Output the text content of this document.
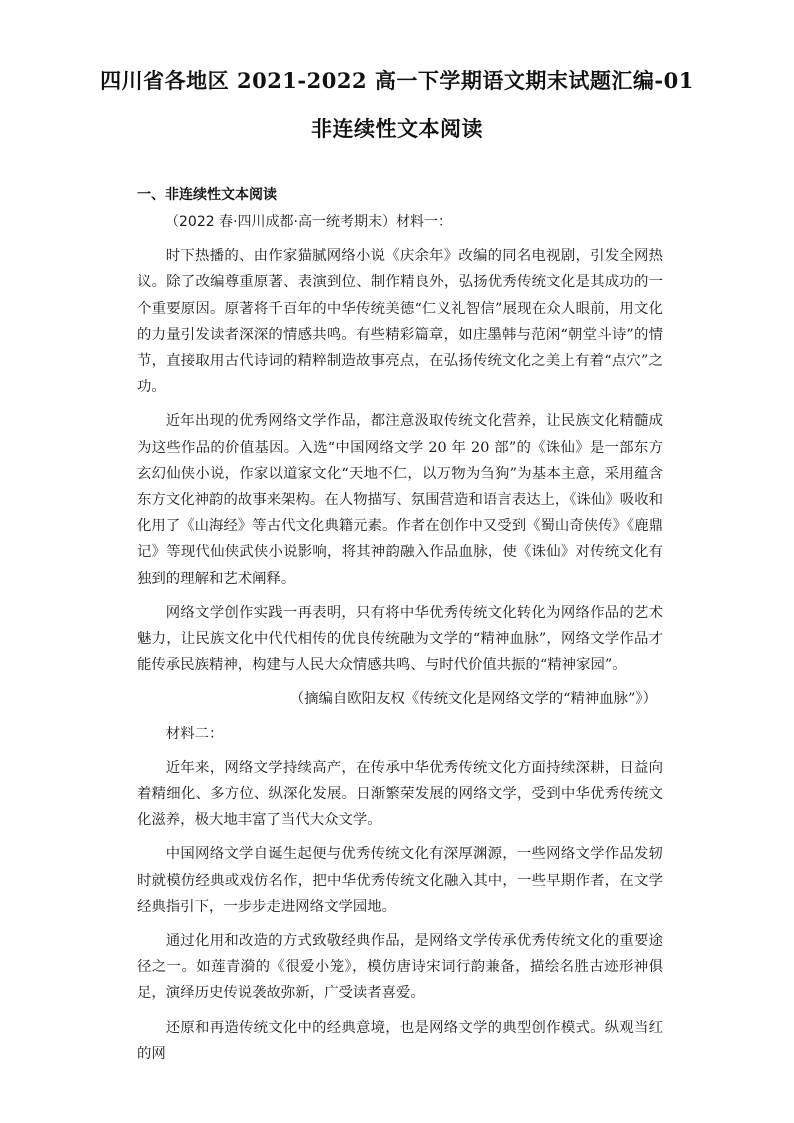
四川省各地区 2021-2022 高一下学期语文期末试题汇编-01
非连续性文本阅读
一、非连续性文本阅读

（2022 春·四川成都·高一统考期末）材料一：

时下热播的、由作家猫腻网络小说《庆余年》改编的同名电视剧，引发全网热议。除了改编尊重原著、表演到位、制作精良外，弘扬优秀传统文化是其成功的一个重要原因。原著将千百年的中华传统美德“仁义礼智信”展现在众人眼前，用文化的力量引发读者深深的情感共鸣。有些精彩篇章，如庄墨韩与范闲“朝堂斗诗”的情节，直接取用古代诗词的精粹制造故事亮点，在弘扬传统文化之美上有着“点穴”之功。

近年出现的优秀网络文学作品，都注意汲取传统文化营养，让民族文化精髓成为这些作品的价值基因。入选“中国网络文学 20 年 20 部”的《诛仙》是一部东方玄幻仙侠小说，作家以道家文化“天地不仁，以万物为刍狗”为基本主意，采用蕴含东方文化神韵的故事来架构。在人物描写、氛围营造和语言表达上，《诛仙》吸收和化用了《山海经》等古代文化典籍元素。作者在创作中又受到《蜀山奇侠传》《鹿鼎记》等现代仙侠武侠小说影响，将其神韵融入作品血脉，使《诛仙》对传统文化有独到的理解和艺术阐释。

网络文学创作实践一再表明，只有将中华优秀传统文化转化为网络作品的艺术魅力，让民族文化中代代相传的优良传统融为文学的“精神血脉”，网络文学作品才能传承民族精神，构建与人民大众情感共鸣、与时代价值共振的“精神家园”。

（摘编自欧阳友权《传统文化是网络文学的“精神血脉”》）

材料二：

近年来，网络文学持续高产，在传承中华优秀传统文化方面持续深耕，日益向着精细化、多方位、纵深化发展。日渐繁荣发展的网络文学，受到中华优秀传统文化滋养，极大地丰富了当代大众文学。

中国网络文学自诞生起便与优秀传统文化有深厚渊源，一些网络文学作品发轫时就模仿经典或戏仿名作，把中华优秀传统文化融入其中，一些早期作者，在文学经典指引下，一步步走进网络文学园地。

通过化用和改造的方式致敬经典作品，是网络文学传承优秀传统文化的重要途径之一。如莲青漪的《很爱小笼》，模仿唐诗宋词行韵兼备，描绘名胜古迹形神俱足，演绎历史传说袭故弥新，广受读者喜爱。

还原和再造传统文化中的经典意境，也是网络文学的典型创作模式。纵观当红的网
